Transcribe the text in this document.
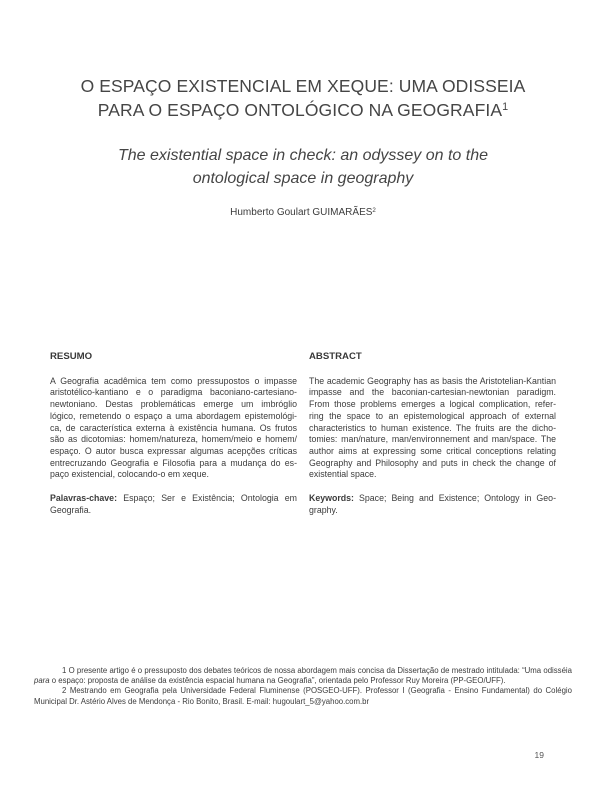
O ESPAÇO EXISTENCIAL EM XEQUE: UMA ODISSEIA
PARA O ESPAÇO ONTOLÓGICO NA GEOGRAFIA$^1$
The existential space in check: an odyssey on to the
ontological space in geography
Humberto Goulart GUIMARÃES$^2$
RESUMO
A Geografia acadêmica tem como pressupostos o impasse
aristotélico-kantiano e o paradigma baconiano-cartesiano-
newtoniano. Destas problemáticas emerge um imbróglio
lógico, remetendo o espaço a uma abordagem epistemológi-
ca, de característica externa à existência humana. Os frutos
são as dicotomias: homem/natureza, homem/meio e homem/
espaço. O autor busca expressar algumas acepções críticas
entrecruzando Geografia e Filosofia para a mudança do es-
paço existencial, colocando-o em xeque.
Palavras-chave: Espaço; Ser e Existência; Ontologia em
Geografia.
ABSTRACT
The academic Geography has as basis the Aristotelian-Kantian
impasse and the baconian-cartesian-newtonian paradigm.
From those problems emerges a logical complication, refer-
ring the space to an epistemological approach of external
characteristics to human existence. The fruits are the dicho-
tomies: man/nature, man/environnement and man/space. The
author aims at expressing some critical conceptions relating
Geography and Philosophy and puts in check the change of
existential space.
Keywords: Space; Being and Existence; Ontology in Geo-
graphy.

1 O presente artigo é o pressuposto dos debates teóricos de nossa abordagem mais concisa da Dissertação de mestrado intitulada: “Uma odisséia para o espaço: proposta de análise da existência espacial humana na Geografia”, orientada pelo Professor Ruy Moreira (PP-GEO/UFF).

2 Mestrando em Geografia pela Universidade Federal Fluminense (POSGEO-UFF). Professor I (Geografia - Ensino Fundamental) do Colégio Municipal Dr. Astério Alves de Mendonça - Rio Bonito, Brasil. E-mail: hugoulart_5@yahoo.com.br

19
